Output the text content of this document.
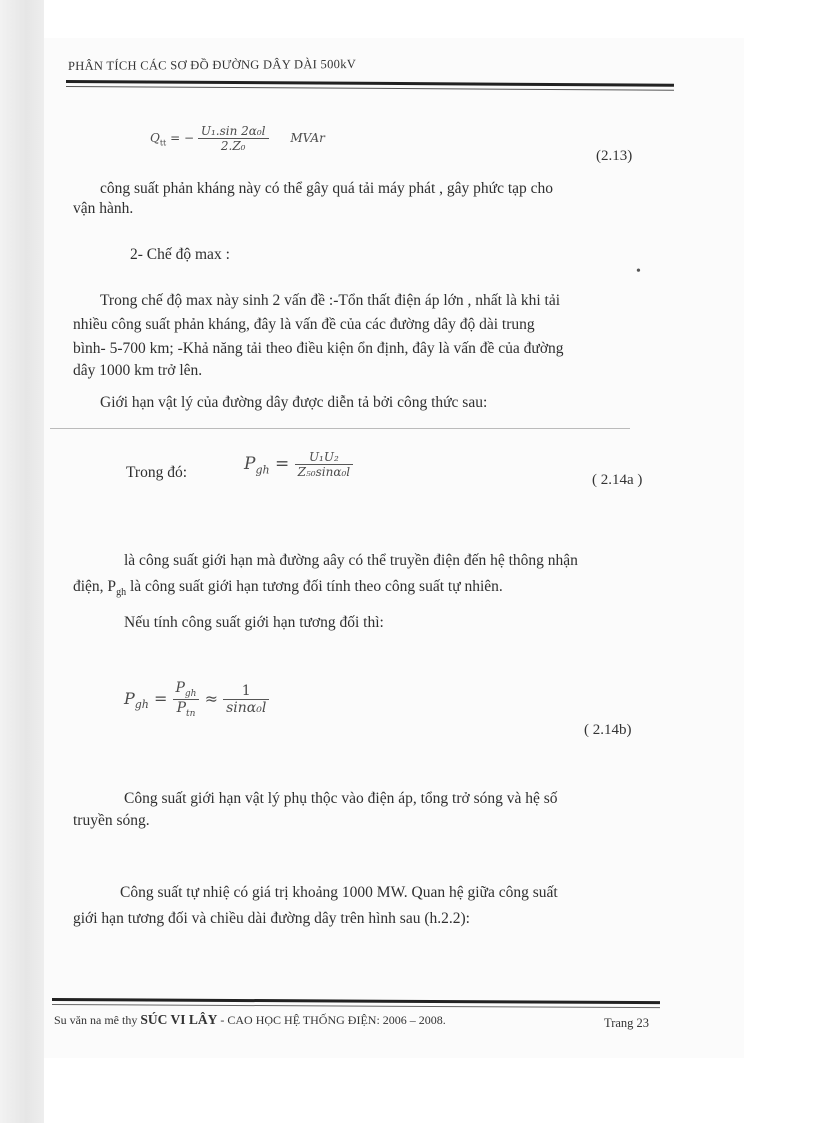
PHÂN TÍCH CÁC SƠ ĐỒ ĐƯỜNG DÂY DÀI 500kV
$Q_{tt}$ = − $\frac{\text{U₁.sin 2α₀l}}{\text{2.Z₀}}$ MVAr
(2.13)
công suất phản kháng này có thể gây quá tải máy phát , gây phức tạp cho
vận hành.
2- Chế độ max :
•
Trong chế độ max này sinh 2 vấn đề :-Tổn thất điện áp lớn , nhất là khi tải
nhiều công suất phản kháng, đây là vấn đề của các đường dây độ dài trung
bình- 5-700 km; -Khả năng tải theo điều kiện ổn định, đây là vấn đề của đường
dây 1000 km trở lên.
Giới hạn vật lý của đường dây được diễn tả bởi công thức sau:
Trong đó:	$P_{gh} = \frac{\text{U₁U₂}}{\text{Z₅₀sinα₀l}}$
( 2.14a )
là công suất giới hạn mà đường aây có thể truyền điện đến hệ thông nhận
điện, $P_{gh}$ là công suất giới hạn tương đối tính theo công suất tự nhiên.
Nếu tính công suất giới hạn tương đối thì:
$P_{gh} = \frac{P_{gh}}{P_{tn}} \approx \frac{1}{\text{sinα₀l}}$
( 2.14b)
Công suất giới hạn vật lý phụ thộc vào điện áp, tổng trở sóng và hệ số
truyền sóng.
Công suất tự nhiệ có giá trị khoảng 1000 MW. Quan hệ giữa công suất
giới hạn tương đối và chiều dài đường dây trên hình sau (h.2.2):
Su văn na mê thy SÚC VI LÂY - CAO HỌC HỆ THỐNG ĐIỆN: 2006 – 2008.	Trang 23
